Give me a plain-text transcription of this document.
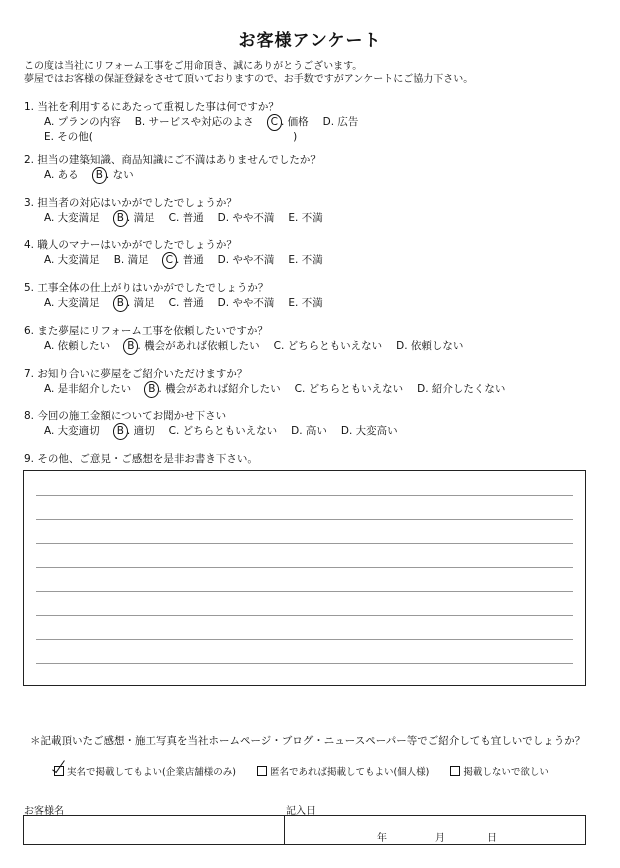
お客様アンケート
この度は当社にリフォーム工事をご用命頂き、誠にありがとうございます。
夢屋ではお客様の保証登録をさせて頂いておりますので、お手数ですがアンケートにご協力下さい。
1. 当社を利用するにあたって重視した事は何ですか？
A. プランの内容 B. サービスや対応のよさ C . 価格 D. 広告
E. その他(                                                            )
2. 担当の建築知識、商品知識にご不満はありませんでしたか？
A. ある B . ない
3. 担当者の対応はいかがでしたでしょうか？
A. 大変満足 B . 満足 C. 普通 D. やや不満 E. 不満
4. 職人のマナーはいかがでしたでしょうか？
A. 大変満足 B. 満足 C . 普通 D. やや不満 E. 不満
5. 工事全体の仕上がりはいかがでしたでしょうか？
A. 大変満足 B . 満足 C. 普通 D. やや不満 E. 不満
6. また夢屋にリフォーム工事を依頼したいですか？
A. 依頼したい B . 機会があれば依頼したい C. どちらともいえない D. 依頼しない
7. お知り合いに夢屋をご紹介いただけますか？
A. 是非紹介したい B . 機会があれば紹介したい C. どちらともいえない D. 紹介したくない
8. 今回の施工金額についてお聞かせ下さい
A. 大変適切 B . 適切 C. どちらともいえない D. 高い D. 大変高い
9. その他、ご意見・ご感想を是非お書き下さい。
＊記載頂いたご感想・施工写真を当社ホームページ・ブログ・ニュースペーパー等でご紹介しても宜しいでしょうか？
実名で掲載してもよい(企業店舗様のみ)	匿名であれば掲載してもよい(個人様)	掲載しないで欲しい
お客様名	記入日
年	月	日
